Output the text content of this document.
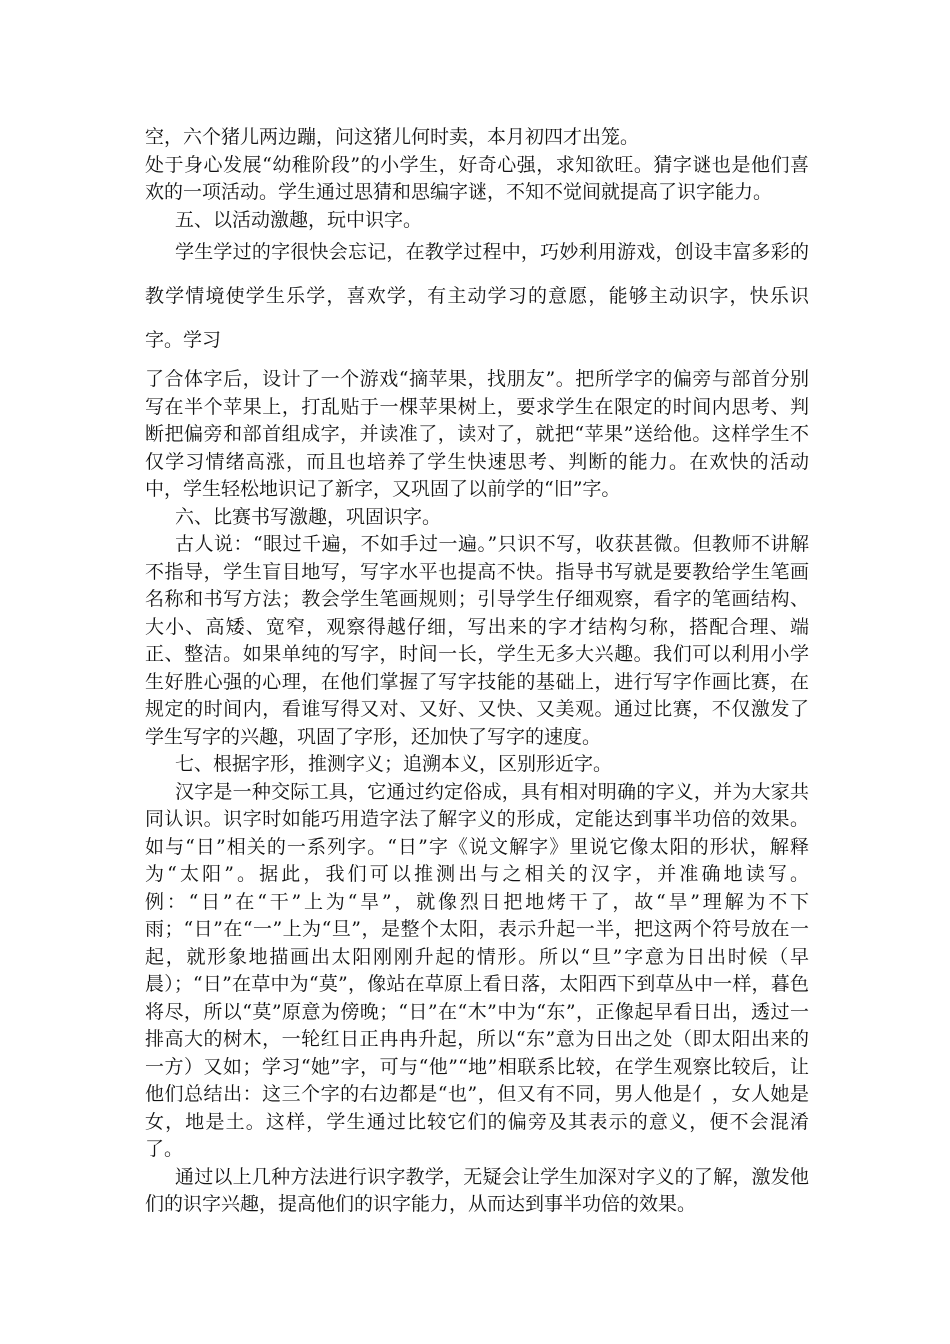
空，六个猪儿两边蹦，问这猪儿何时卖，本月初四才出笼。

处于身心发展“幼稚阶段”的小学生，好奇心强，求知欲旺。猜字谜也是他们喜欢的一项活动。学生通过思猜和思编字谜，不知不觉间就提高了识字能力。

五、以活动激趣，玩中识字。

学生学过的字很快会忘记，在教学过程中，巧妙利用游戏，创设丰富多彩的教学情境使学生乐学，喜欢学，有主动学习的意愿，能够主动识字，快乐识字。学习

了合体字后，设计了一个游戏“摘苹果，找朋友”。把所学字的偏旁与部首分别写在半个苹果上，打乱贴于一棵苹果树上，要求学生在限定的时间内思考、判断把偏旁和部首组成字，并读准了，读对了，就把“苹果”送给他。这样学生不仅学习情绪高涨，而且也培养了学生快速思考、判断的能力。在欢快的活动中，学生轻松地识记了新字，又巩固了以前学的“旧”字。

六、比赛书写激趣，巩固识字。

古人说：“眼过千遍，不如手过一遍。”只识不写，收获甚微。但教师不讲解不指导，学生盲目地写，写字水平也提高不快。指导书写就是要教给学生笔画名称和书写方法；教会学生笔画规则；引导学生仔细观察，看字的笔画结构、大小、高矮、宽窄，观察得越仔细，写出来的字才结构匀称，搭配合理、端正、整洁。如果单纯的写字，时间一长，学生无多大兴趣。我们可以利用小学生好胜心强的心理，在他们掌握了写字技能的基础上，进行写字作画比赛，在规定的时间内，看谁写得又对、又好、又快、又美观。通过比赛，不仅激发了学生写字的兴趣，巩固了字形，还加快了写字的速度。

七、根据字形，推测字义；追溯本义，区别形近字。

汉字是一种交际工具，它通过约定俗成，具有相对明确的字义，并为大家共同认识。识字时如能巧用造字法了解字义的形成，定能达到事半功倍的效果。如与“日”相关的一系列字。“日”字《说文解字》里说它像太阳的形状，解释为“太阳”。据此，我们可以推测出与之相关的汉字，并准确地读写。例：“日”在“干”上为“旱”，就像烈日把地烤干了，故“旱”理解为不下雨；“日”在“一”上为“旦”，是整个太阳，表示升起一半，把这两个符号放在一起，就形象地描画出太阳刚刚升起的情形。所以“旦”字意为日出时候（早晨）；“日”在草中为“莫”，像站在草原上看日落，太阳西下到草丛中一样，暮色将尽，所以“莫”原意为傍晚；“日”在“木”中为“东”，正像起早看日出，透过一排高大的树木，一轮红日正冉冉升起，所以“东”意为日出之处（即太阳出来的一方）又如；学习“她”字，可与“他”“地”相联系比较，在学生观察比较后，让他们总结出：这三个字的右边都是“也”，但又有不同，男人他是亻，女人她是女，地是土。这样，学生通过比较它们的偏旁及其表示的意义，便不会混淆了。

通过以上几种方法进行识字教学，无疑会让学生加深对字义的了解，激发他们的识字兴趣，提高他们的识字能力，从而达到事半功倍的效果。
